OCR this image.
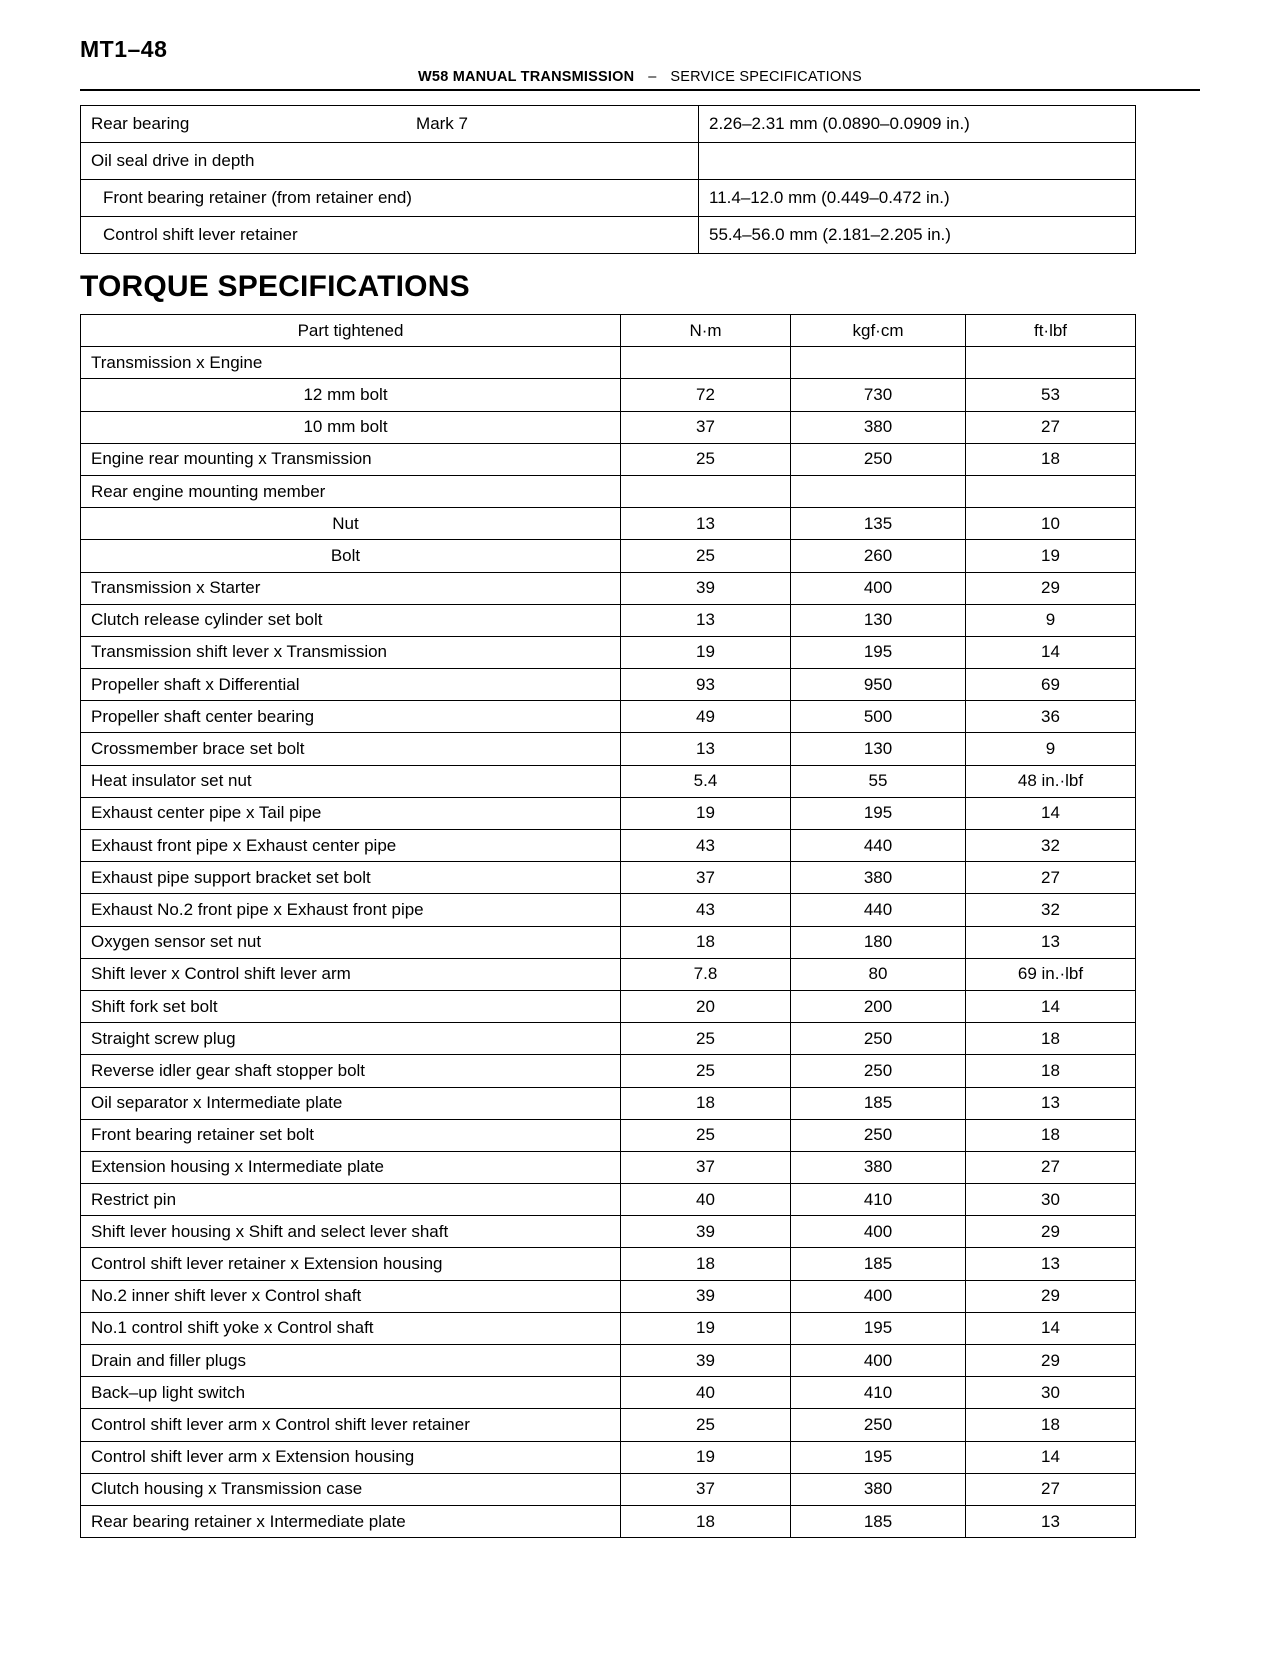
MT1–48
W58 MANUAL TRANSMISSION – SERVICE SPECIFICATIONS
Rear bearing Mark 7	2.26–2.31 mm (0.0890–0.0909 in.)
Oil seal drive in depth	
Front bearing retainer (from retainer end)	11.4–12.0 mm (0.449–0.472 in.)
Control shift lever retainer	55.4–56.0 mm (2.181–2.205 in.)
TORQUE SPECIFICATIONS
Part tightened	N·m	kgf·cm	ft·lbf
Transmission x Engine			
12 mm bolt	72	730	53
10 mm bolt	37	380	27
Engine rear mounting x Transmission	25	250	18
Rear engine mounting member			
Nut	13	135	10
Bolt	25	260	19
Transmission x Starter	39	400	29
Clutch release cylinder set bolt	13	130	9
Transmission shift lever x Transmission	19	195	14
Propeller shaft x Differential	93	950	69
Propeller shaft center bearing	49	500	36
Crossmember brace set bolt	13	130	9
Heat insulator set nut	5.4	55	48 in.·lbf
Exhaust center pipe x Tail pipe	19	195	14
Exhaust front pipe x Exhaust center pipe	43	440	32
Exhaust pipe support bracket set bolt	37	380	27
Exhaust No.2 front pipe x Exhaust front pipe	43	440	32
Oxygen sensor set nut	18	180	13
Shift lever x Control shift lever arm	7.8	80	69 in.·lbf
Shift fork set bolt	20	200	14
Straight screw plug	25	250	18
Reverse idler gear shaft stopper bolt	25	250	18
Oil separator x Intermediate plate	18	185	13
Front bearing retainer set bolt	25	250	18
Extension housing x Intermediate plate	37	380	27
Restrict pin	40	410	30
Shift lever housing x Shift and select lever shaft	39	400	29
Control shift lever retainer x Extension housing	18	185	13
No.2 inner shift lever x Control shaft	39	400	29
No.1 control shift yoke x Control shaft	19	195	14
Drain and filler plugs	39	400	29
Back–up light switch	40	410	30
Control shift lever arm x Control shift lever retainer	25	250	18
Control shift lever arm x Extension housing	19	195	14
Clutch housing x Transmission case	37	380	27
Rear bearing retainer x Intermediate plate	18	185	13
